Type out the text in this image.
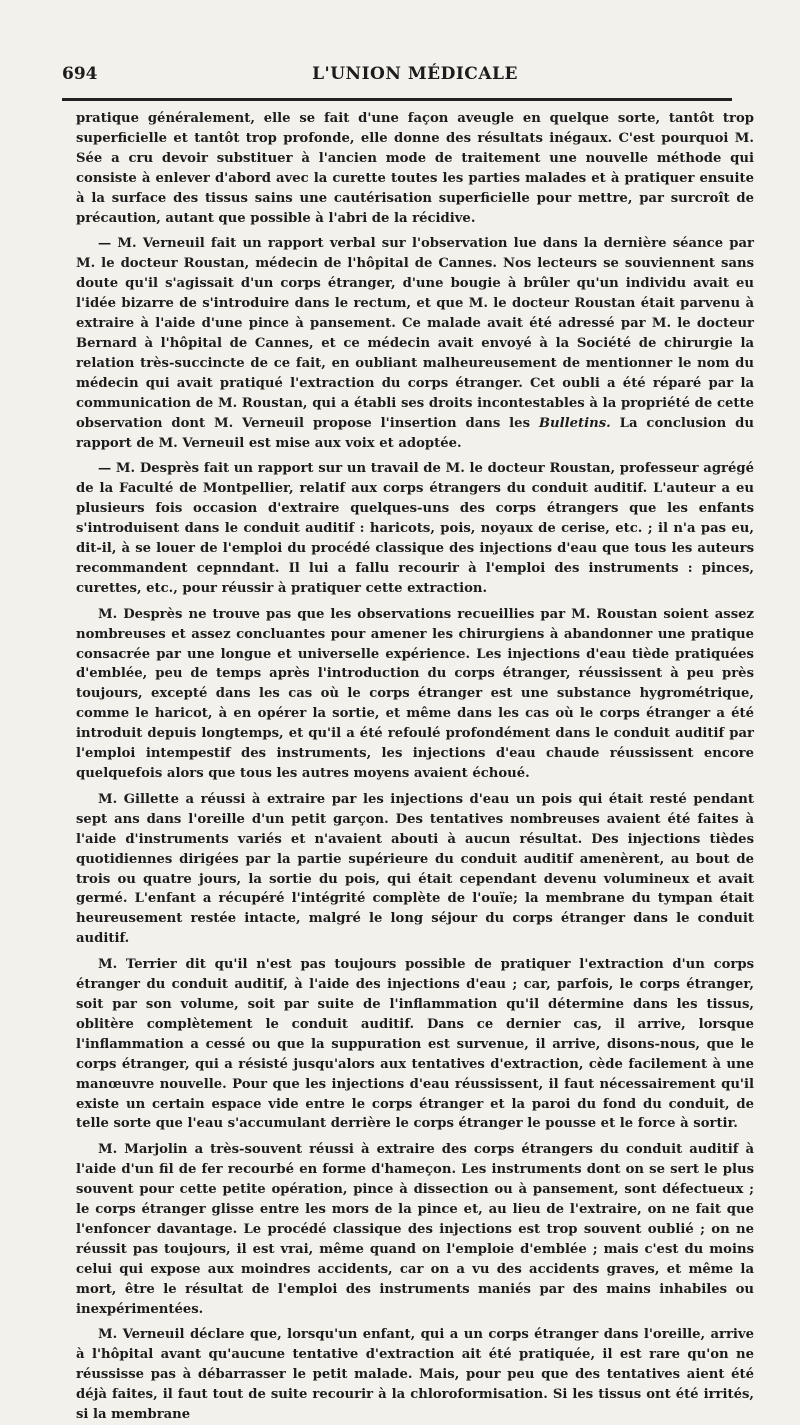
694	L'UNION MÉDICALE

pratique généralement, elle se fait d'une façon aveugle en quelque sorte, tantôt trop superficielle et tantôt trop profonde, elle donne des résultats inégaux. C'est pourquoi M. Sée a cru devoir substituer à l'ancien mode de traitement une nouvelle méthode qui consiste à enlever d'abord avec la curette toutes les parties malades et à pratiquer ensuite à la surface des tissus sains une cautérisation superficielle pour mettre, par surcroît de précaution, autant que possible à l'abri de la récidive.

— M. Verneuil fait un rapport verbal sur l'observation lue dans la dernière séance par M. le docteur Roustan, médecin de l'hôpital de Cannes. Nos lecteurs se souviennent sans doute qu'il s'agissait d'un corps étranger, d'une bougie à brûler qu'un individu avait eu l'idée bizarre de s'introduire dans le rectum, et que M. le docteur Roustan était parvenu à extraire à l'aide d'une pince à pansement. Ce malade avait été adressé par M. le docteur Bernard à l'hôpital de Cannes, et ce médecin avait envoyé à la Société de chirurgie la relation très-succincte de ce fait, en oubliant malheureusement de mentionner le nom du médecin qui avait pratiqué l'extraction du corps étranger. Cet oubli a été réparé par la communication de M. Roustan, qui a établi ses droits incontestables à la propriété de cette observation dont M. Verneuil propose l'insertion dans les Bulletins. La conclusion du rapport de M. Verneuil est mise aux voix et adoptée.

— M. Desprès fait un rapport sur un travail de M. le docteur Roustan, professeur agrégé de la Faculté de Montpellier, relatif aux corps étrangers du conduit auditif. L'auteur a eu plusieurs fois occasion d'extraire quelques-uns des corps étrangers que les enfants s'introduisent dans le conduit auditif : haricots, pois, noyaux de cerise, etc. ; il n'a pas eu, dit-il, à se louer de l'emploi du procédé classique des injections d'eau que tous les auteurs recommandent cepnndant. Il lui a fallu recourir à l'emploi des instruments : pinces, curettes, etc., pour réussir à pratiquer cette extraction.

M. Desprès ne trouve pas que les observations recueillies par M. Roustan soient assez nombreuses et assez concluantes pour amener les chirurgiens à abandonner une pratique consacrée par une longue et universelle expérience. Les injections d'eau tiède pratiquées d'emblée, peu de temps après l'introduction du corps étranger, réussissent à peu près toujours, excepté dans les cas où le corps étranger est une substance hygrométrique, comme le haricot, à en opérer la sortie, et même dans les cas où le corps étranger a été introduit depuis longtemps, et qu'il a été refoulé profondément dans le conduit auditif par l'emploi intempestif des instruments, les injections d'eau chaude réussissent encore quelquefois alors que tous les autres moyens avaient échoué.

M. Gillette a réussi à extraire par les injections d'eau un pois qui était resté pendant sept ans dans l'oreille d'un petit garçon. Des tentatives nombreuses avaient été faites à l'aide d'instruments variés et n'avaient abouti à aucun résultat. Des injections tièdes quotidiennes dirigées par la partie supérieure du conduit auditif amenèrent, au bout de trois ou quatre jours, la sortie du pois, qui était cependant devenu volumineux et avait germé. L'enfant a récupéré l'intégrité complète de l'ouïe; la membrane du tympan était heureusement restée intacte, malgré le long séjour du corps étranger dans le conduit auditif.

M. Terrier dit qu'il n'est pas toujours possible de pratiquer l'extraction d'un corps étranger du conduit auditif, à l'aide des injections d'eau ; car, parfois, le corps étranger, soit par son volume, soit par suite de l'inflammation qu'il détermine dans les tissus, oblitère complètement le conduit auditif. Dans ce dernier cas, il arrive, lorsque l'inflammation a cessé ou que la suppuration est survenue, il arrive, disons-nous, que le corps étranger, qui a résisté jusqu'alors aux tentatives d'extraction, cède facilement à une manœuvre nouvelle. Pour que les injections d'eau réussissent, il faut nécessairement qu'il existe un certain espace vide entre le corps étranger et la paroi du fond du conduit, de telle sorte que l'eau s'accumulant derrière le corps étranger le pousse et le force à sortir.

M. Marjolin a très-souvent réussi à extraire des corps étrangers du conduit auditif à l'aide d'un fil de fer recourbé en forme d'hameçon. Les instruments dont on se sert le plus souvent pour cette petite opération, pince à dissection ou à pansement, sont défectueux ; le corps étranger glisse entre les mors de la pince et, au lieu de l'extraire, on ne fait que l'enfoncer davantage. Le procédé classique des injections est trop souvent oublié ; on ne réussit pas toujours, il est vrai, même quand on l'emploie d'emblée ; mais c'est du moins celui qui expose aux moindres accidents, car on a vu des accidents graves, et même la mort, être le résultat de l'emploi des instruments maniés par des mains inhabiles ou inexpérimentées.

M. Verneuil déclare que, lorsqu'un enfant, qui a un corps étranger dans l'oreille, arrive à l'hôpital avant qu'aucune tentative d'extraction ait été pratiquée, il est rare qu'on ne réussisse pas à débarrasser le petit malade. Mais, pour peu que des tentatives aient été déjà faites, il faut tout de suite recourir à la chloroformisation. Si les tissus ont été irrités, si la membrane
